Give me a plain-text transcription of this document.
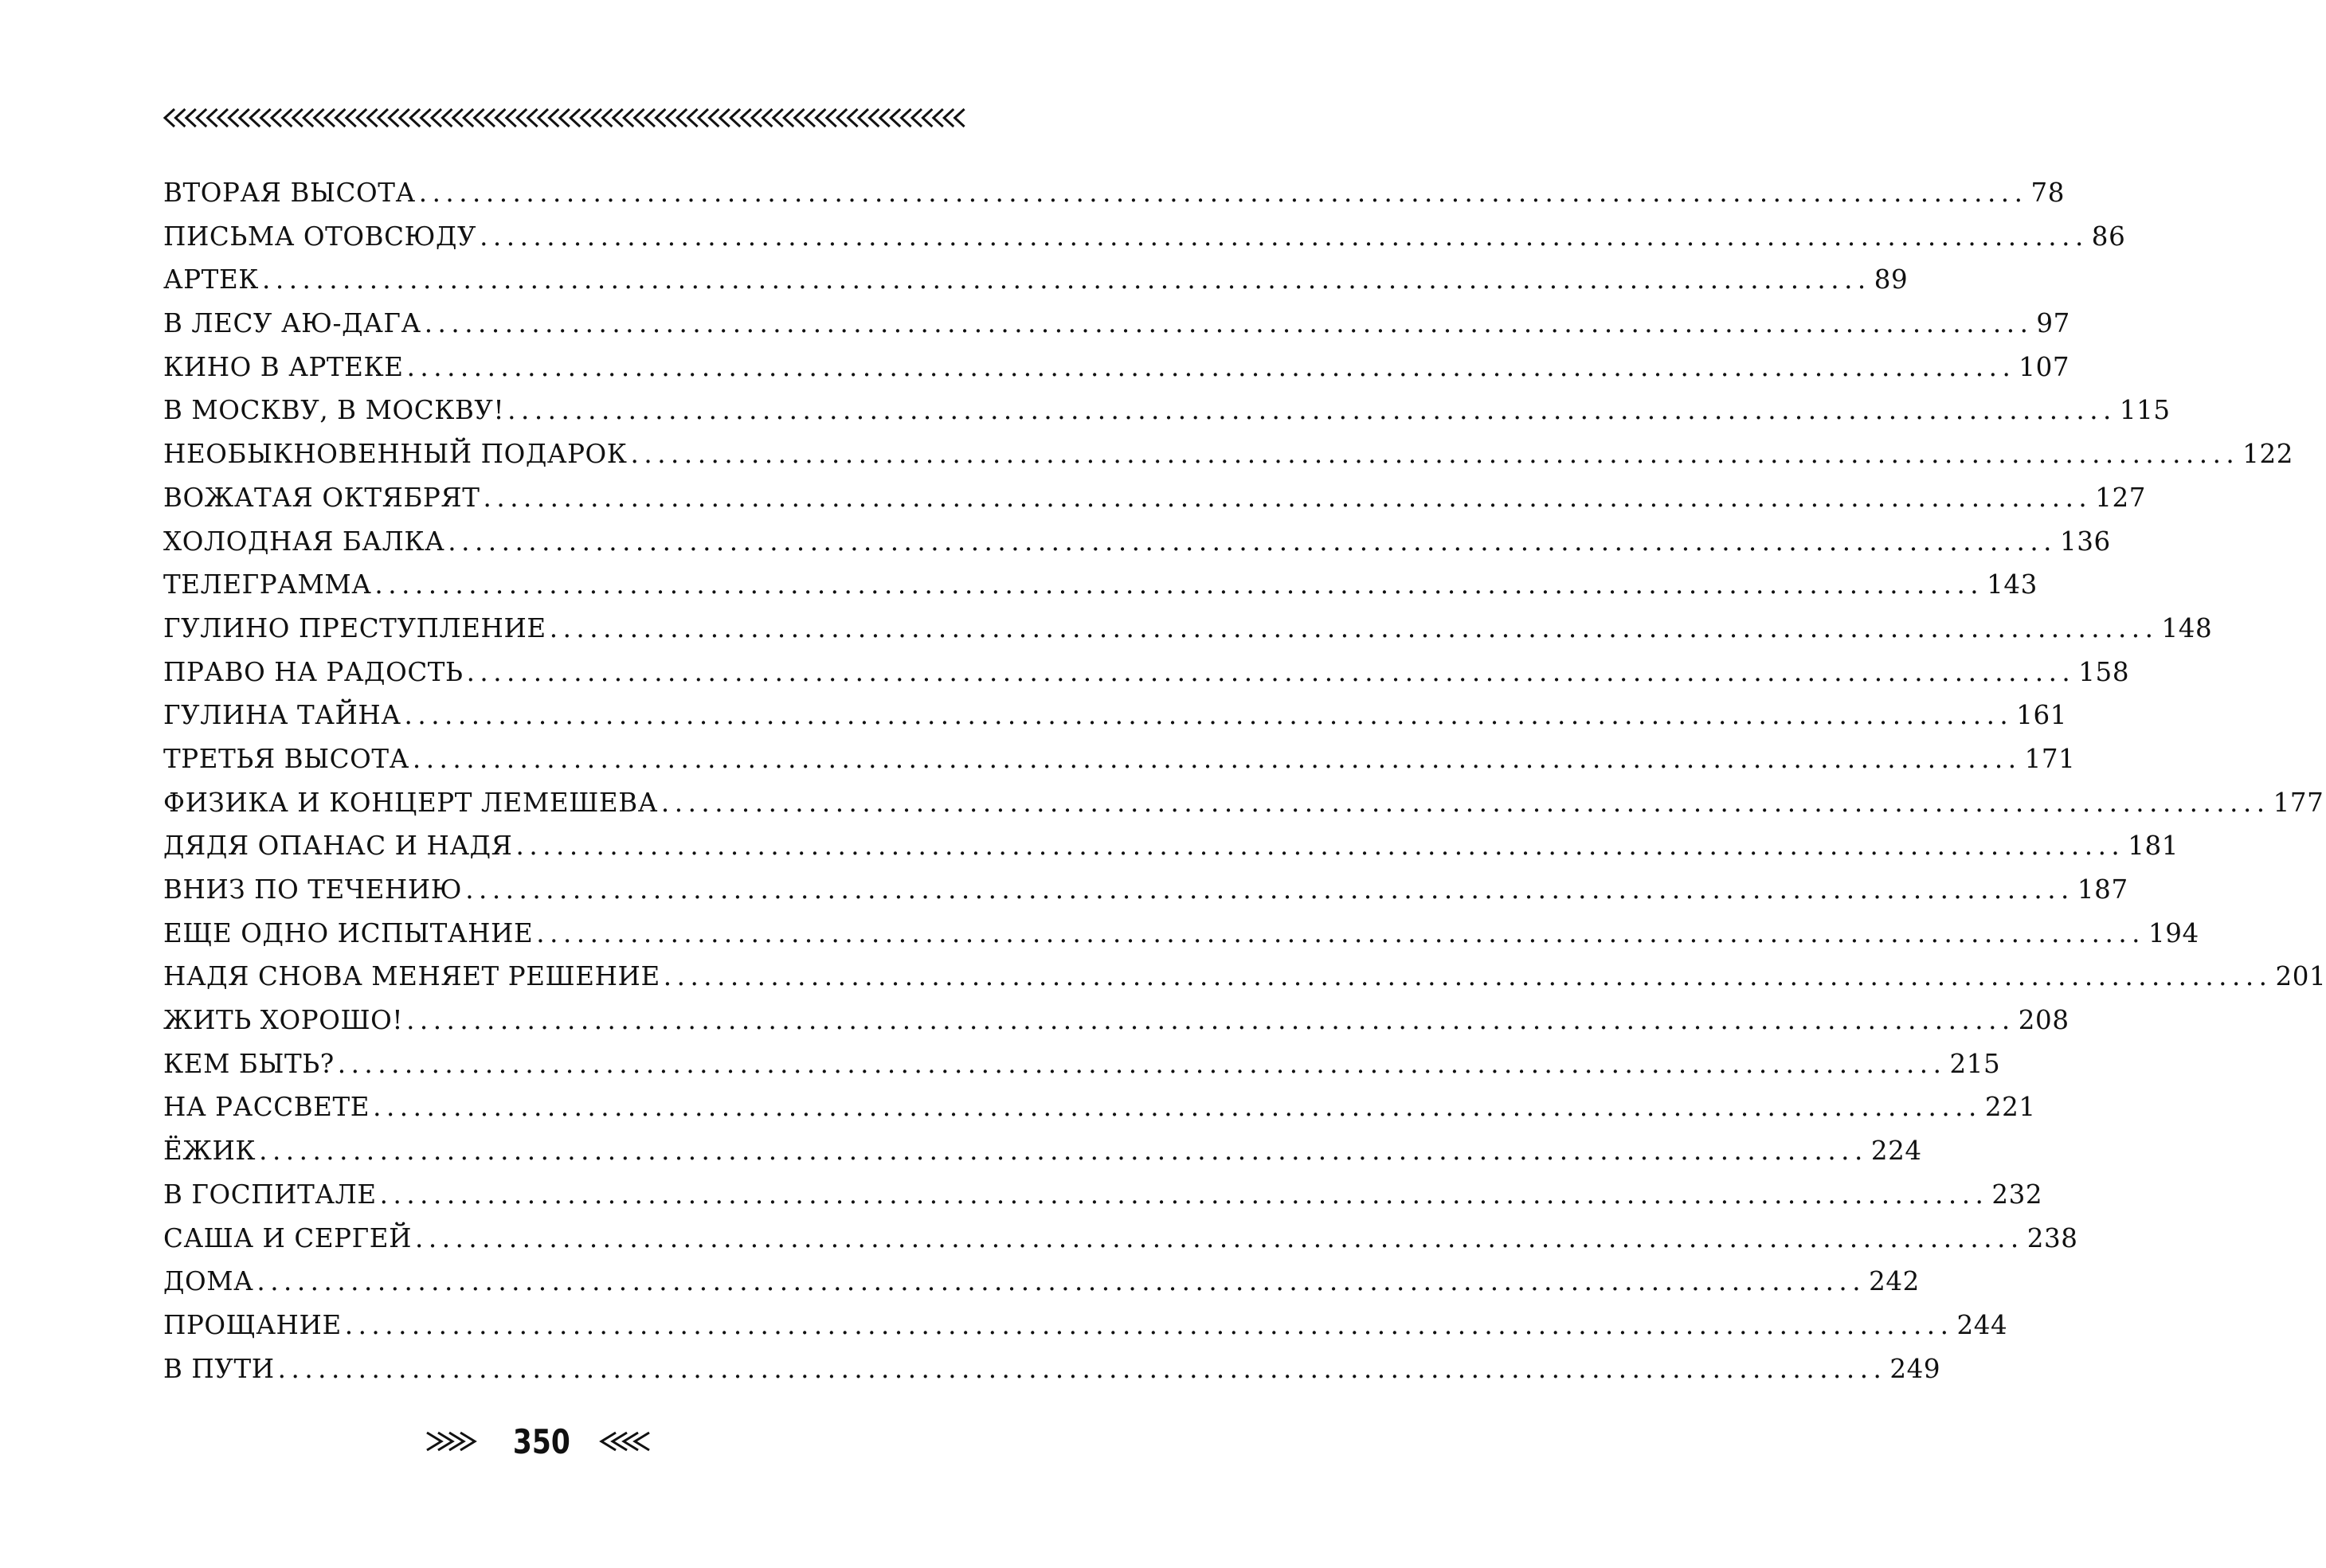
ВТОРАЯ ВЫСОТА ........................................................................................................................ 78
ПИСЬМА ОТОВСЮДУ ........................................................................................................................ 86
АРТЕК ........................................................................................................................ 89
В ЛЕСУ АЮ-ДАГА ........................................................................................................................ 97
КИНО В АРТЕКЕ ........................................................................................................................ 107
В МОСКВУ, В МОСКВУ! ........................................................................................................................ 115
НЕОБЫКНОВЕННЫЙ ПОДАРОК ........................................................................................................................ 122
ВОЖАТАЯ ОКТЯБРЯТ ........................................................................................................................ 127
ХОЛОДНАЯ БАЛКА ........................................................................................................................ 136
ТЕЛЕГРАММА ........................................................................................................................ 143
ГУЛИНО ПРЕСТУПЛЕНИЕ ........................................................................................................................ 148
ПРАВО НА РАДОСТЬ ........................................................................................................................ 158
ГУЛИНА ТАЙНА ........................................................................................................................ 161
ТРЕТЬЯ ВЫСОТА ........................................................................................................................ 171
ФИЗИКА И КОНЦЕРТ ЛЕМЕШЕВА ........................................................................................................................ 177
ДЯДЯ ОПАНАС И НАДЯ ........................................................................................................................ 181
ВНИЗ ПО ТЕЧЕНИЮ ........................................................................................................................ 187
ЕЩЕ ОДНО ИСПЫТАНИЕ ........................................................................................................................ 194
НАДЯ СНОВА МЕНЯЕТ РЕШЕНИЕ ........................................................................................................................ 201
ЖИТЬ ХОРОШО! ........................................................................................................................ 208
КЕМ БЫТЬ? ........................................................................................................................ 215
НА РАССВЕТЕ ........................................................................................................................ 221
ЁЖИК ........................................................................................................................ 224
В ГОСПИТАЛЕ ........................................................................................................................ 232
САША И СЕРГЕЙ ........................................................................................................................ 238
ДОМА ........................................................................................................................ 242
ПРОЩАНИЕ ........................................................................................................................ 244
В ПУТИ ........................................................................................................................ 249
350
